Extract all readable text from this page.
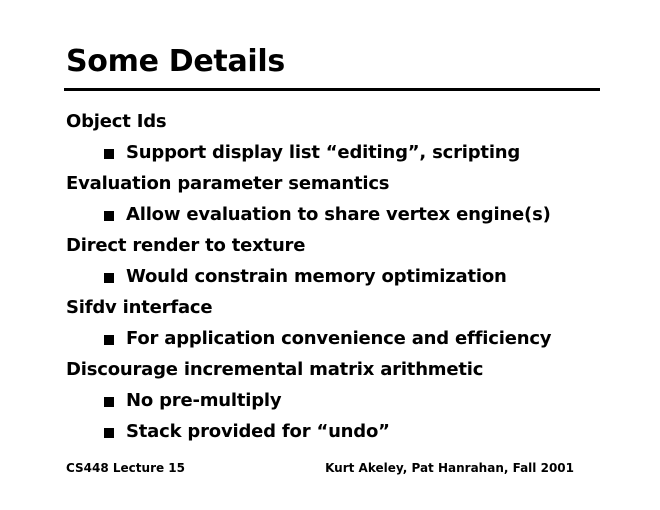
Some Details
Object Ids
Support display list “editing”, scripting
Evaluation parameter semantics
Allow evaluation to share vertex engine(s)
Direct render to texture
Would constrain memory optimization
Sifdv interface
For application convenience and efficiency
Discourage incremental matrix arithmetic
No pre-multiply
Stack provided for “undo”
CS448 Lecture 15	Kurt Akeley, Pat Hanrahan, Fall 2001
